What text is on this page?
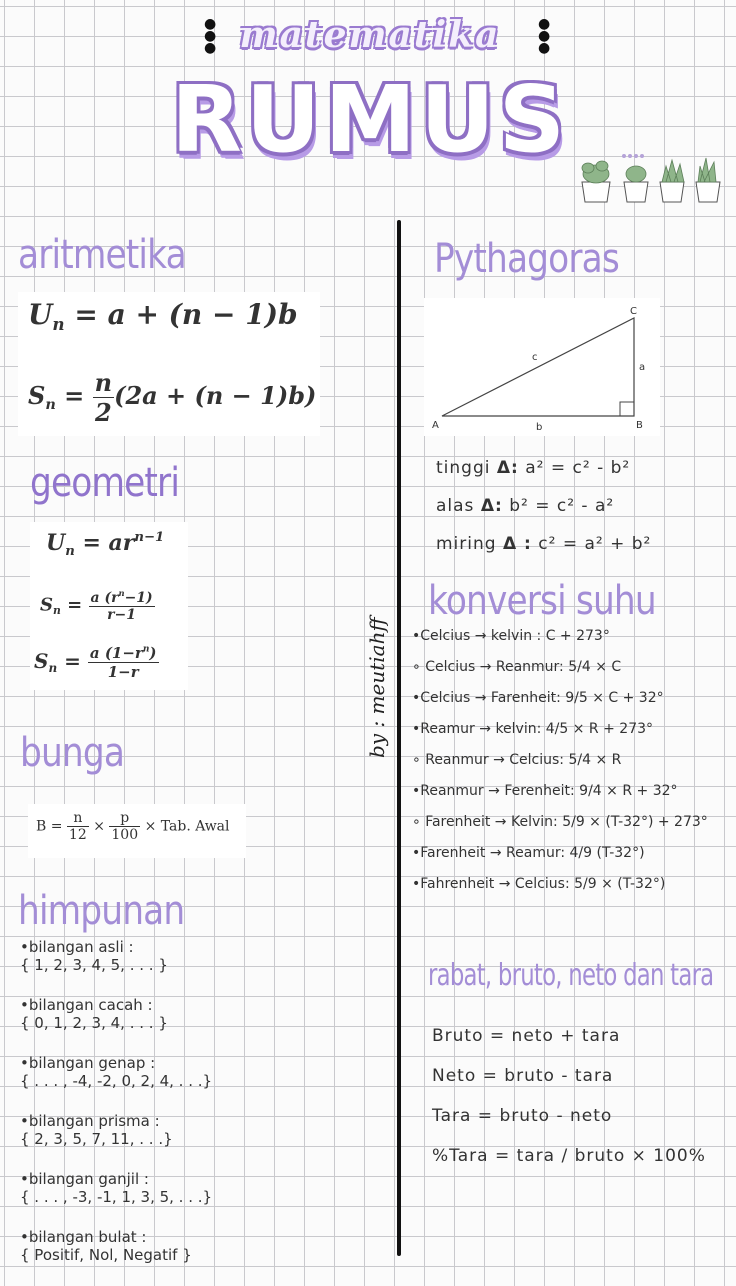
●
●
●
●
●
●
matematika
RUMUS
by : meutiahff
aritmetika
$U_n = a + (n - 1)b$
$S_n = \frac{n}{2} (2a + (n - 1)b)$
geometri
$U_n = ar^{n-1}$
$S_n = \frac{a (r^n-1)}{r-1}$
$S_n = \frac{a (1-r^n)}{1-r}$
bunga
$B = \frac{n}{12} \times \frac{p}{100}$ × Tab. Awal
himpunan
•bilangan asli :
{ 1, 2, 3, 4, 5, . . . }
•bilangan cacah :
{ 0, 1, 2, 3, 4, . . . }
•bilangan genap :
{ . . . , -4, -2, 0, 2, 4, . . .}
•bilangan prisma :
{ 2, 3, 5, 7, 11, . . .}
•bilangan ganjil :
{ . . . , -3, -1, 1, 3, 5, . . .}
•bilangan bulat :
{ Positif, Nol, Negatif }
Pythagoras
A	B
C
a
b
c
tinggi Δ: a² = c² - b²
alas Δ: b² = c² - a²
miring Δ : c² = a² + b²
konversi suhu
•Celcius → kelvin : C + 273°
∘ Celcius → Reanmur: 5/4 × C
•Celcius → Farenheit: 9/5 × C + 32°
•Reamur → kelvin: 4/5 × R + 273°
∘ Reanmur → Celcius: 5/4 × R
•Reanmur → Ferenheit: 9/4 × R + 32°
∘ Farenheit → Kelvin: 5/9 × (T-32°) + 273°
•Farenheit → Reamur: 4/9 (T-32°)
•Fahrenheit → Celcius: 5/9 × (T-32°)
rabat, bruto, neto dan tara
Bruto = neto + tara
Neto = bruto - tara
Tara = bruto - neto
%Tara = tara / bruto × 100%
